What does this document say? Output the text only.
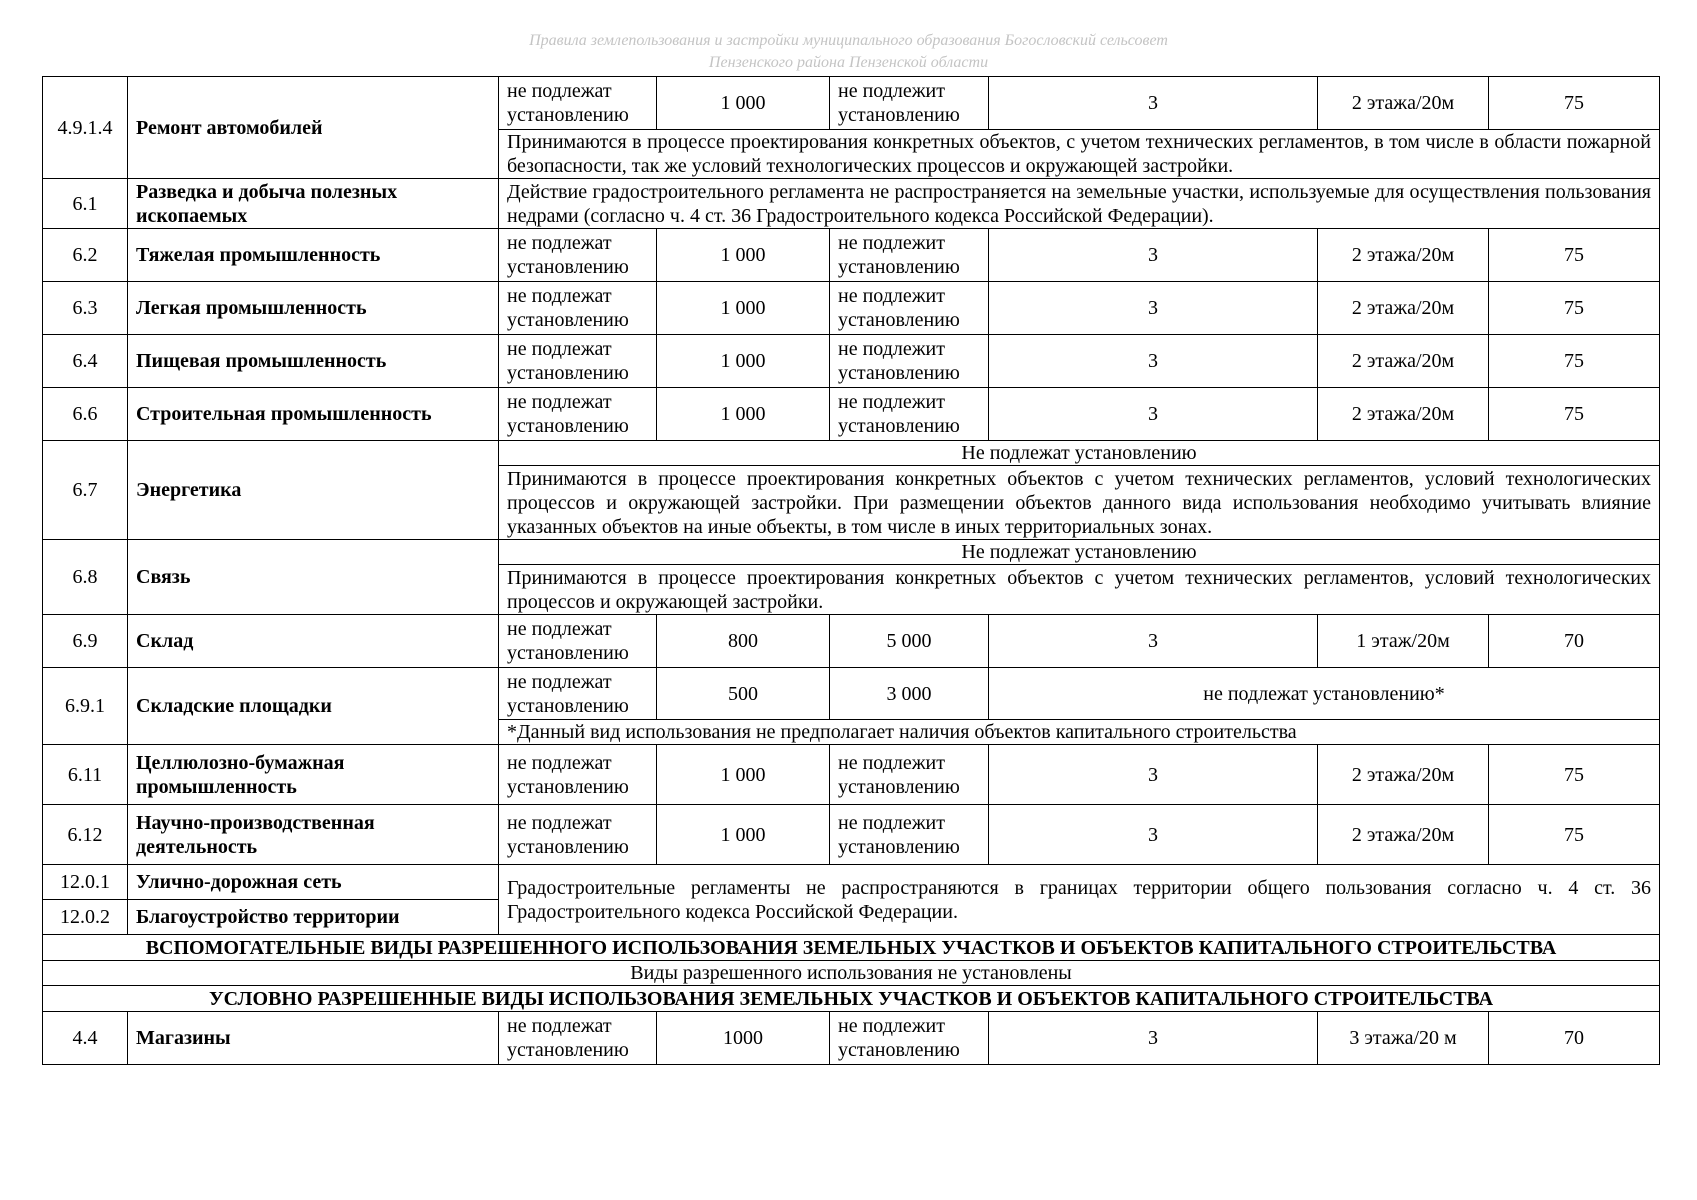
Правила землепользования и застройки муниципального образования Богословский сельсовет
Пензенского района Пензенской области
4.9.1.4	Ремонт автомобилей	не подлежат установлению	1 000	не подлежит установлению	3	2 этажа/20м	75
		Принимаются в процессе проектирования конкретных объектов, с учетом технических регламентов, в том числе в области пожарной безопасности, так же условий технологических процессов и окружающей застройки.					
6.1	Разведка и добыча полезных ископаемых	Действие градостроительного регламента не распространяется на земельные участки, используемые для осуществления пользования недрами (согласно ч. 4 ст. 36 Градостроительного кодекса Российской Федерации).					
6.2	Тяжелая промышленность	не подлежат установлению	1 000	не подлежит установлению	3	2 этажа/20м	75
6.3	Легкая промышленность	не подлежат установлению	1 000	не подлежит установлению	3	2 этажа/20м	75
6.4	Пищевая промышленность	не подлежат установлению	1 000	не подлежит установлению	3	2 этажа/20м	75
6.6	Строительная промышленность	не подлежат установлению	1 000	не подлежит установлению	3	2 этажа/20м	75
6.7	Энергетика	Не подлежат установлению					
		Принимаются в процессе проектирования конкретных объектов с учетом технических регламентов, условий технологических процессов и окружающей застройки. При размещении объектов данного вида использования необходимо учитывать влияние указанных объектов на иные объекты, в том числе в иных территориальных зонах.					
6.8	Связь	Не подлежат установлению					
		Принимаются в процессе проектирования конкретных объектов с учетом технических регламентов, условий технологических процессов и окружающей застройки.					
6.9	Склад	не подлежат установлению	800	5 000	3	1 этаж/20м	70
6.9.1	Складские площадки	не подлежат установлению	500	3 000	не подлежат установлению*		
		*Данный вид использования не предполагает наличия объектов капитального строительства					
6.11	Целлюлозно-бумажная промышленность	не подлежат установлению	1 000	не подлежит установлению	3	2 этажа/20м	75
6.12	Научно-производственная деятельность	не подлежат установлению	1 000	не подлежит установлению	3	2 этажа/20м	75
12.0.1	Улично-дорожная сеть	Градостроительные регламенты не распространяются в границах территории общего пользования согласно ч. 4 ст. 36 Градостроительного кодекса Российской Федерации.					
12.0.2	Благоустройство территории						
ВСПОМОГАТЕЛЬНЫЕ ВИДЫ РАЗРЕШЕННОГО ИСПОЛЬЗОВАНИЯ ЗЕМЕЛЬНЫХ УЧАСТКОВ И ОБЪЕКТОВ КАПИТАЛЬНОГО СТРОИТЕЛЬСТВА							
Виды разрешенного использования не установлены							
УСЛОВНО РАЗРЕШЕННЫЕ ВИДЫ ИСПОЛЬЗОВАНИЯ ЗЕМЕЛЬНЫХ УЧАСТКОВ И ОБЪЕКТОВ КАПИТАЛЬНОГО СТРОИТЕЛЬСТВА							
4.4	Магазины	не подлежат установлению	1000	не подлежит установлению	3	3 этажа/20 м	70
